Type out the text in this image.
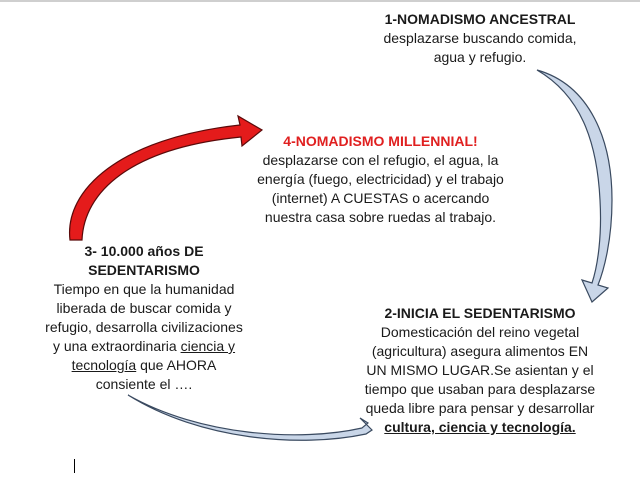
1-NOMADISMO ANCESTRAL
desplazarse buscando comida,
agua y refugio.
4-NOMADISMO MILLENNIAL!
desplazarse con el refugio, el agua, la
energía (fuego, electricidad) y el trabajo
(internet) A CUESTAS o acercando
nuestra casa sobre ruedas al trabajo.
3- 10.000 años DE
SEDENTARISMO
Tiempo en que la humanidad
liberada de buscar comida y
refugio, desarrolla civilizaciones
y una extraordinaria ciencia y
tecnología que AHORA
consiente el ….
2-INICIA EL SEDENTARISMO
Domesticación del reino vegetal
(agricultura) asegura alimentos EN
UN MISMO LUGAR.Se asientan y el
tiempo que usaban para desplazarse
queda libre para pensar y desarrollar
cultura, ciencia y tecnología.
